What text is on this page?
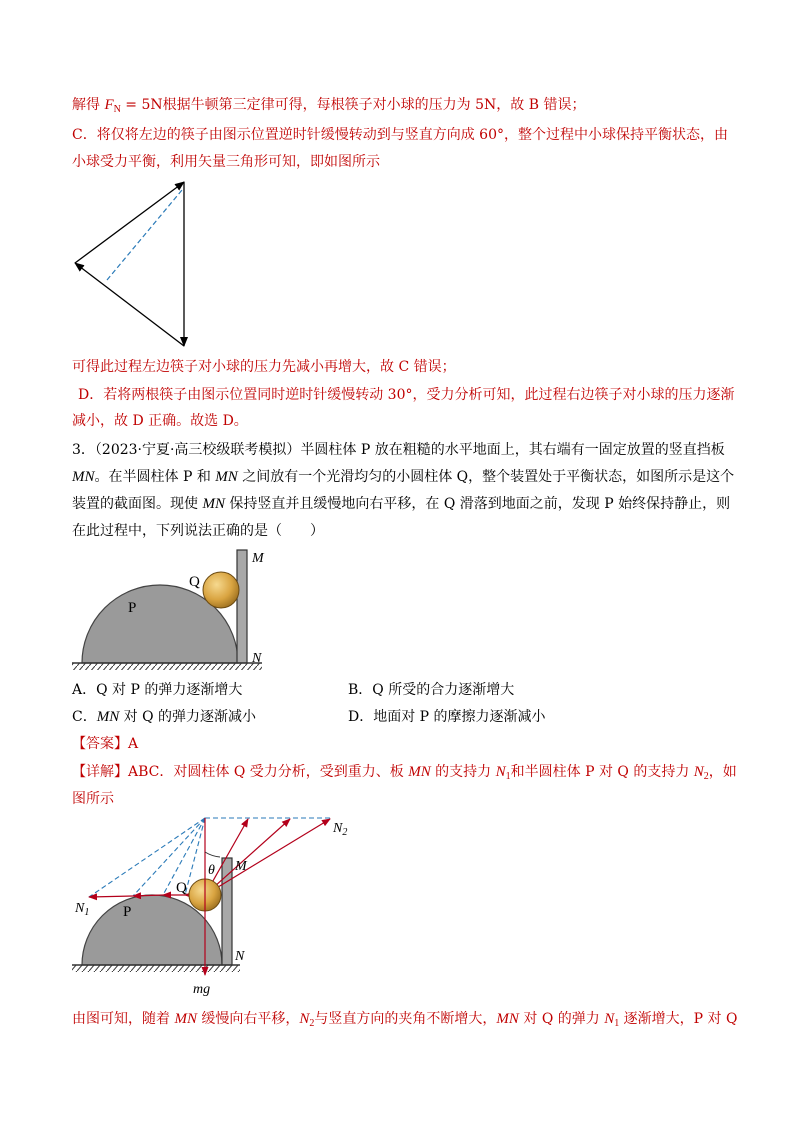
解得 $F_N = 5N$根据牛顿第三定律可得，每根筷子对小球的压力为 5N，故 B 错误；
C．将仅将左边的筷子由图示位置逆时针缓慢转动到与竖直方向成 60°，整个过程中小球保持平衡状态，由
小球受力平衡，利用矢量三角形可知，即如图所示
可得此过程左边筷子对小球的压力先减小再增大，故 C 错误；
D．若将两根筷子由图示位置同时逆时针缓慢转动 30°，受力分析可知，此过程右边筷子对小球的压力逐渐
减小，故 D 正确。故选 D。
3．（2023·宁夏·高三校级联考模拟）半圆柱体 P 放在粗糙的水平地面上，其右端有一固定放置的竖直挡板
MN。在半圆柱体 P 和 MN 之间放有一个光滑均匀的小圆柱体 Q，整个装置处于平衡状态，如图所示是这个
装置的截面图。现使 MN 保持竖直并且缓慢地向右平移，在 Q 滑落到地面之前，发现 P 始终保持静止，则
在此过程中，下列说法正确的是（　　）
P
Q
M
N
A．Q 对 P 的弹力逐渐增大	B．Q 所受的合力逐渐增大
C．MN 对 Q 的弹力逐渐减小	D．地面对 P 的摩擦力逐渐减小
【答案】A
【详解】ABC．对圆柱体 Q 受力分析，受到重力、板 MN 的支持力 $N_1$和半圆柱体 P 对 Q 的支持力 $N_2$，如
图所示
$N_2$
θ M
N
Q
P
$N_1$
mg
由图可知，随着 MN 缓慢向右平移，$N_2$与竖直方向的夹角不断增大，MN 对 Q 的弹力 $N_1$ 逐渐增大，P 对 Q
